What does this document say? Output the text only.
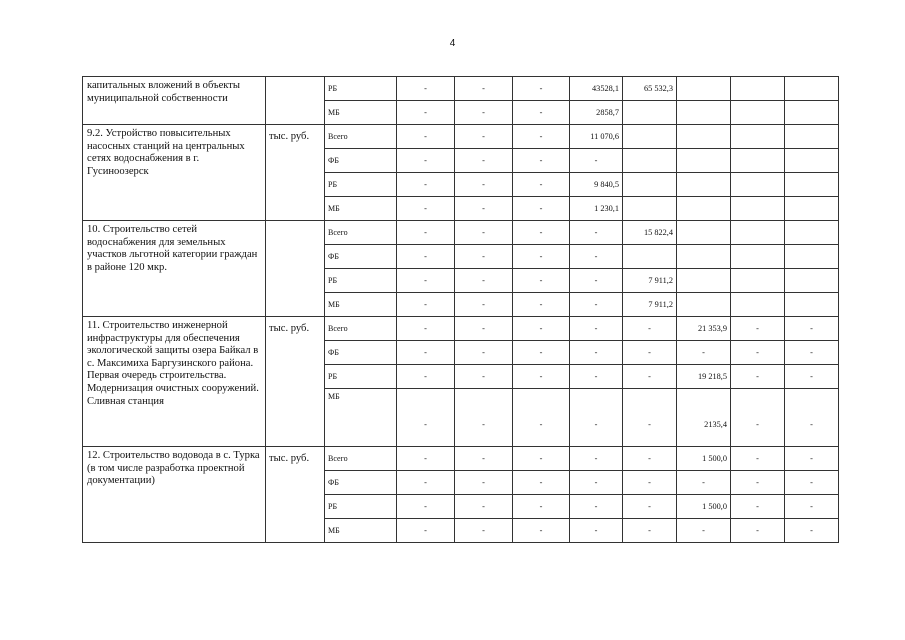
4
капитальных вложений в объекты муниципальной собственности		РБ	-	-	-	43528,1	65 532,3			
		МБ	-	-	-	2858,7				
9.2. Устройство повысительных насосных станций на центральных сетях водоснабжения в г. Гусиноозерск	тыс. руб.	Всего	-	-	-	11 070,6				
		ФБ	-	-	-	-				
		РБ	-	-	-	9 840,5				
		МБ	-	-	-	1 230,1				
10. Строительство сетей водоснабжения для земельных участков льготной категории граждан в районе 120 мкр.		Всего	-	-	-	-	15 822,4			
		ФБ	-	-	-	-				
		РБ	-	-	-	-	7 911,2			
		МБ	-	-	-	-	7 911,2			
11. Строительство инженерной инфраструктуры для обеспечения экологической защиты озера Байкал в с. Максимиха Баргузинского района. Первая очередь строительства. Модернизация очистных сооружений. Сливная станция	тыс. руб.	Всего	-	-	-	-	-	21 353,9	-	-
		ФБ	-	-	-	-	-	-	-	-
		РБ	-	-	-	-	-	19 218,5	-	-
		МБ	-	-	-	-	-	2135,4	-	-
12. Строительство водовода в с. Турка (в том числе разработка проектной документации)	тыс. руб.	Всего	-	-	-	-	-	1 500,0	-	-
		ФБ	-	-	-	-	-	-	-	-
		РБ	-	-	-	-	-	1 500,0	-	-
		МБ	-	-	-	-	-	-	-	-
